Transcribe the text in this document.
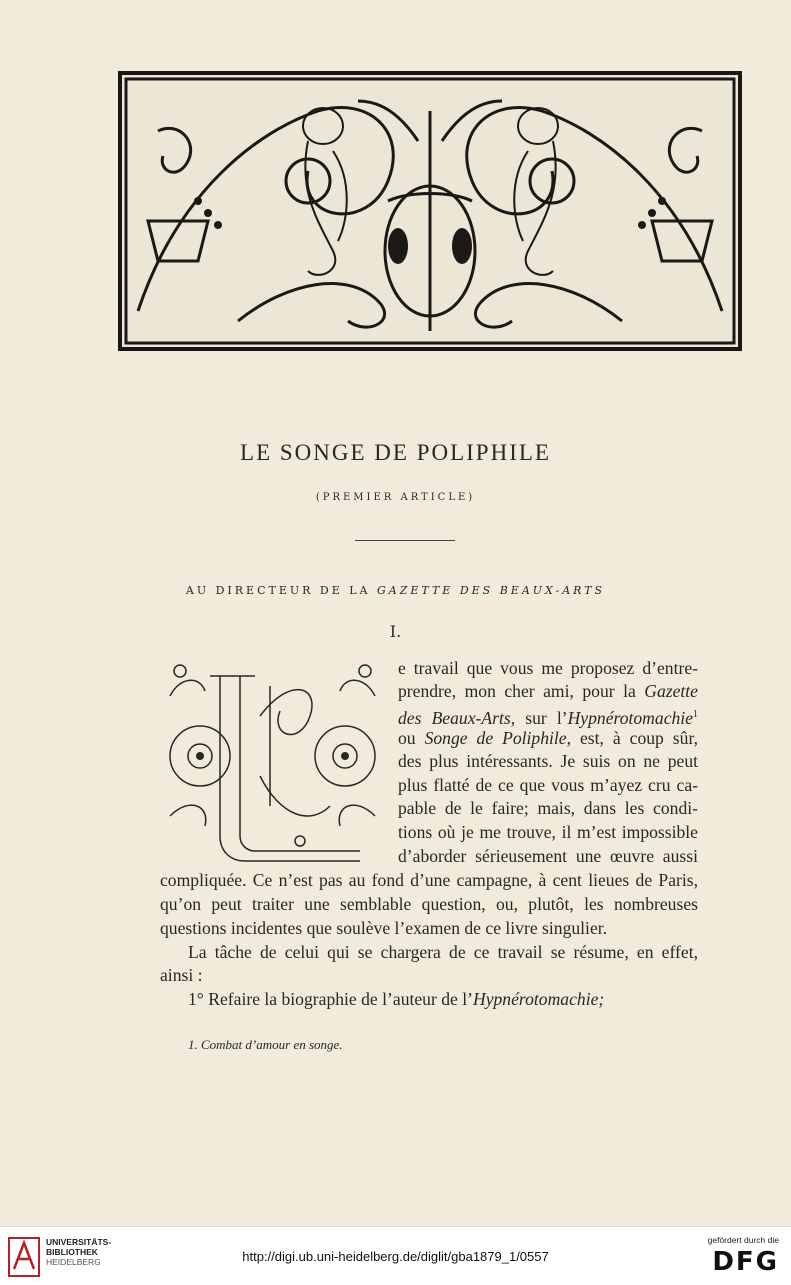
LE SONGE DE POLIPHILE
(PREMIER ARTICLE)
AU DIRECTEUR DE LA GAZETTE DES BEAUX-ARTS
I.
e travail que vous me proposez d’entre-
prendre, mon cher ami, pour la Gazette
des Beaux-Arts, sur l’Hypnérotomachie$^1$
ou Songe de Poliphile, est, à coup sûr,
des plus intéressants. Je suis on ne peut
plus flatté de ce que vous m’ayez cru ca-
pable de le faire; mais, dans les condi-
tions où je me trouve, il m’est impossible
d’aborder sérieusement une œuvre aussi
compliquée. Ce n’est pas au fond d’une campagne, à cent lieues de Paris,
qu’on peut traiter une semblable question, ou, plutôt, les nombreuses
questions incidentes que soulève l’examen de ce livre singulier.
La tâche de celui qui se chargera de ce travail se résume, en effet,
ainsi :
1° Refaire la biographie de l’auteur de l’Hypnérotomachie;
1. Combat d’amour en songe.
UNIVERSITÄTS-
BIBLIOTHEK
HEIDELBERG	http://digi.ub.uni-heidelberg.de/diglit/gba1879_1/0557
gefördert durch die
DFG
